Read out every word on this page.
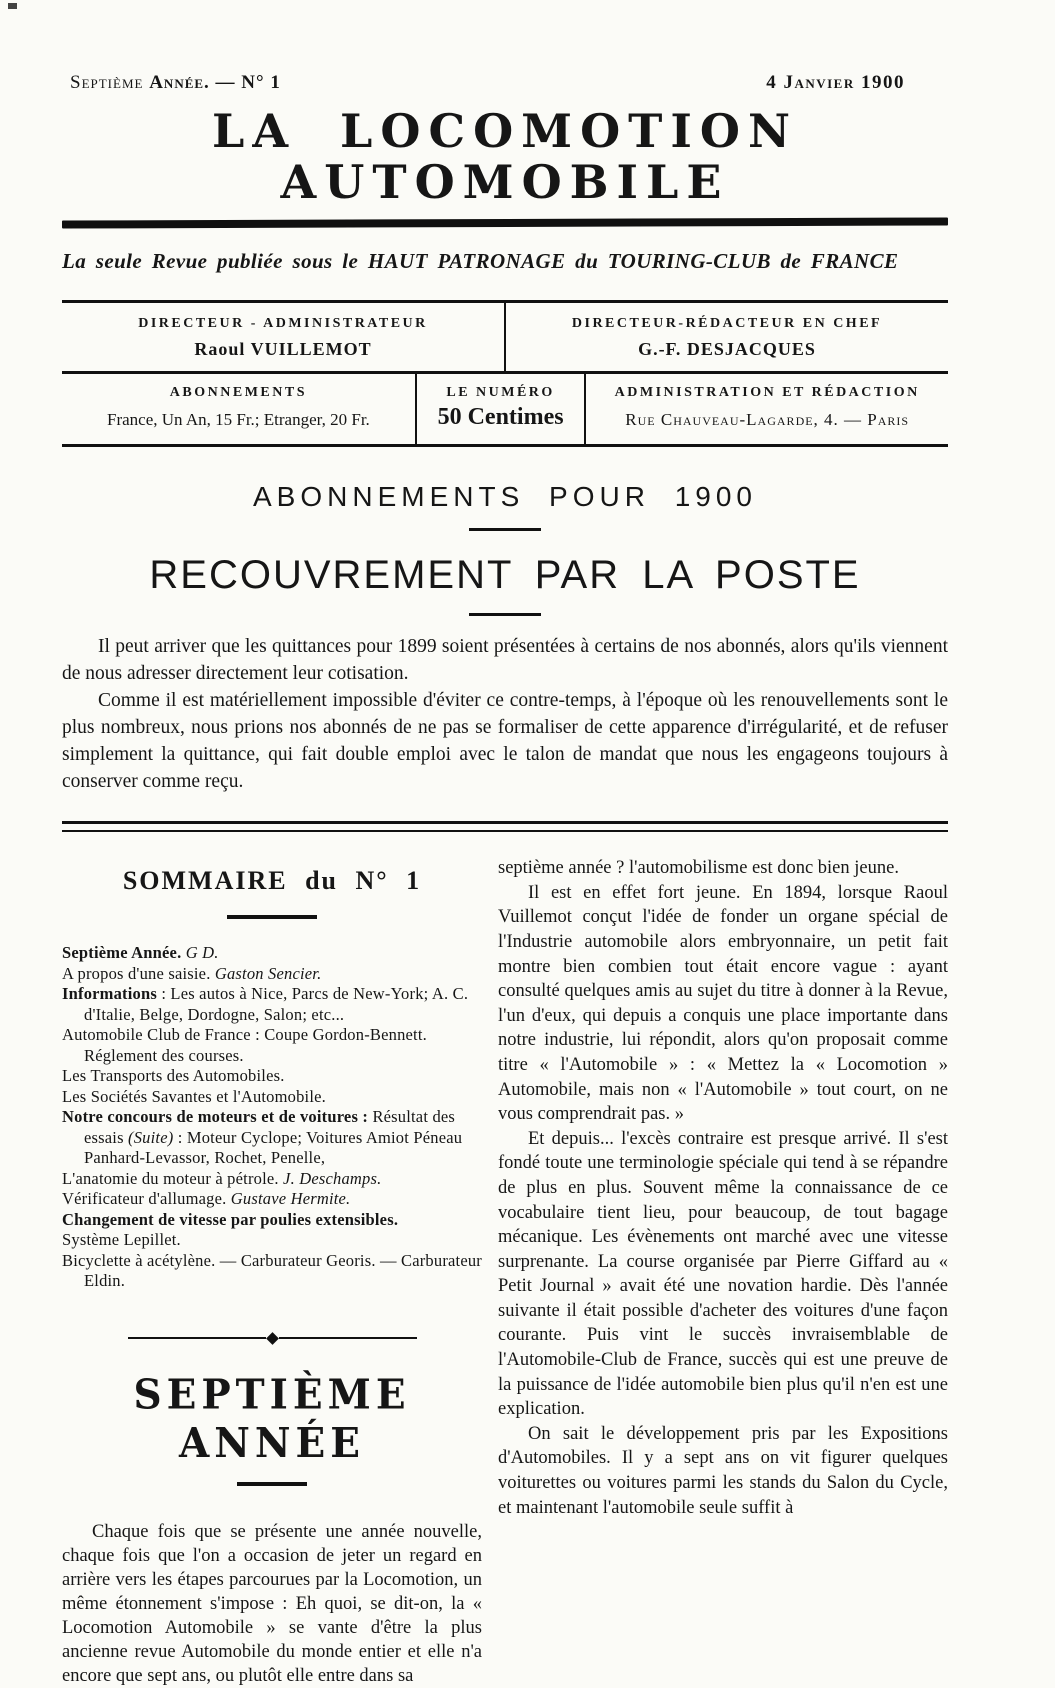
Septième Année. — N° 1	4 Janvier 1900
LA LOCOMOTION AUTOMOBILE
La seule Revue publiée sous le HAUT PATRONAGE du TOURING-CLUB de FRANCE
DIRECTEUR - ADMINISTRATEUR
Raoul VUILLEMOT
DIRECTEUR-RÉDACTEUR EN CHEF
G.-F. DESJACQUES
ABONNEMENTS
France, Un An, 15 Fr.; Etranger, 20 Fr.
LE NUMÉRO
50 Centimes
ADMINISTRATION ET RÉDACTION
Rue Chauveau-Lagarde, 4. — Paris
ABONNEMENTS POUR 1900
RECOUVREMENT PAR LA POSTE

Il peut arriver que les quittances pour 1899 soient présentées à certains de nos abonnés, alors qu'ils viennent de nous adresser directement leur cotisation.

Comme il est matériellement impossible d'éviter ce contre-temps, à l'époque où les renouvellements sont le plus nombreux, nous prions nos abonnés de ne pas se formaliser de cette apparence d'irrégularité, et de refuser simplement la quittance, qui fait double emploi avec le talon de mandat que nous les engageons toujours à conserver comme reçu.

SOMMAIRE du N° 1

Septième Année. G D.

A propos d'une saisie. Gaston Sencier.

Informations : Les autos à Nice, Parcs de New-York; A. C. d'Italie, Belge, Dordogne, Salon; etc...

Automobile Club de France : Coupe Gordon-Bennett. Réglement des courses.

Les Transports des Automobiles.

Les Sociétés Savantes et l'Automobile.

Notre concours de moteurs et de voitures : Résultat des essais (Suite) : Moteur Cyclope; Voitures Amiot Péneau Panhard-Levassor, Rochet, Penelle,

L'anatomie du moteur à pétrole. J. Deschamps.

Vérificateur d'allumage. Gustave Hermite.

Changement de vitesse par poulies extensibles.

Système Lepillet.

Bicyclette à acétylène. — Carburateur Georis. — Carburateur Eldin.

SEPTIÈME ANNÉE

Chaque fois que se présente une année nouvelle, chaque fois que l'on a occasion de jeter un regard en arrière vers les étapes parcourues par la Locomotion, un même étonnement s'impose : Eh quoi, se dit-on, la « Locomotion Automobile » se vante d'être la plus ancienne revue Automobile du monde entier et elle n'a encore que sept ans, ou plutôt elle entre dans sa

septième année ? l'automobilisme est donc bien jeune.

Il est en effet fort jeune. En 1894, lorsque Raoul Vuillemot conçut l'idée de fonder un organe spécial de l'Industrie automobile alors embryonnaire, un petit fait montre bien combien tout était encore vague : ayant consulté quelques amis au sujet du titre à donner à la Revue, l'un d'eux, qui depuis a conquis une place importante dans notre industrie, lui répondit, alors qu'on proposait comme titre « l'Automobile » : « Mettez la « Locomotion » Automobile, mais non « l'Automobile » tout court, on ne vous comprendrait pas. »

Et depuis... l'excès contraire est presque arrivé. Il s'est fondé toute une terminologie spéciale qui tend à se répandre de plus en plus. Souvent même la connaissance de ce vocabulaire tient lieu, pour beaucoup, de tout bagage mécanique. Les évènements ont marché avec une vitesse surprenante. La course organisée par Pierre Giffard au « Petit Journal » avait été une novation hardie. Dès l'année suivante il était possible d'acheter des voitures d'une façon courante. Puis vint le succès invraisemblable de l'Automobile-Club de France, succès qui est une preuve de la puissance de l'idée automobile bien plus qu'il n'en est une explication.

On sait le développement pris par les Expositions d'Automobiles. Il y a sept ans on vit figurer quelques voiturettes ou voitures parmi les stands du Salon du Cycle, et maintenant l'automobile seule suffit à
